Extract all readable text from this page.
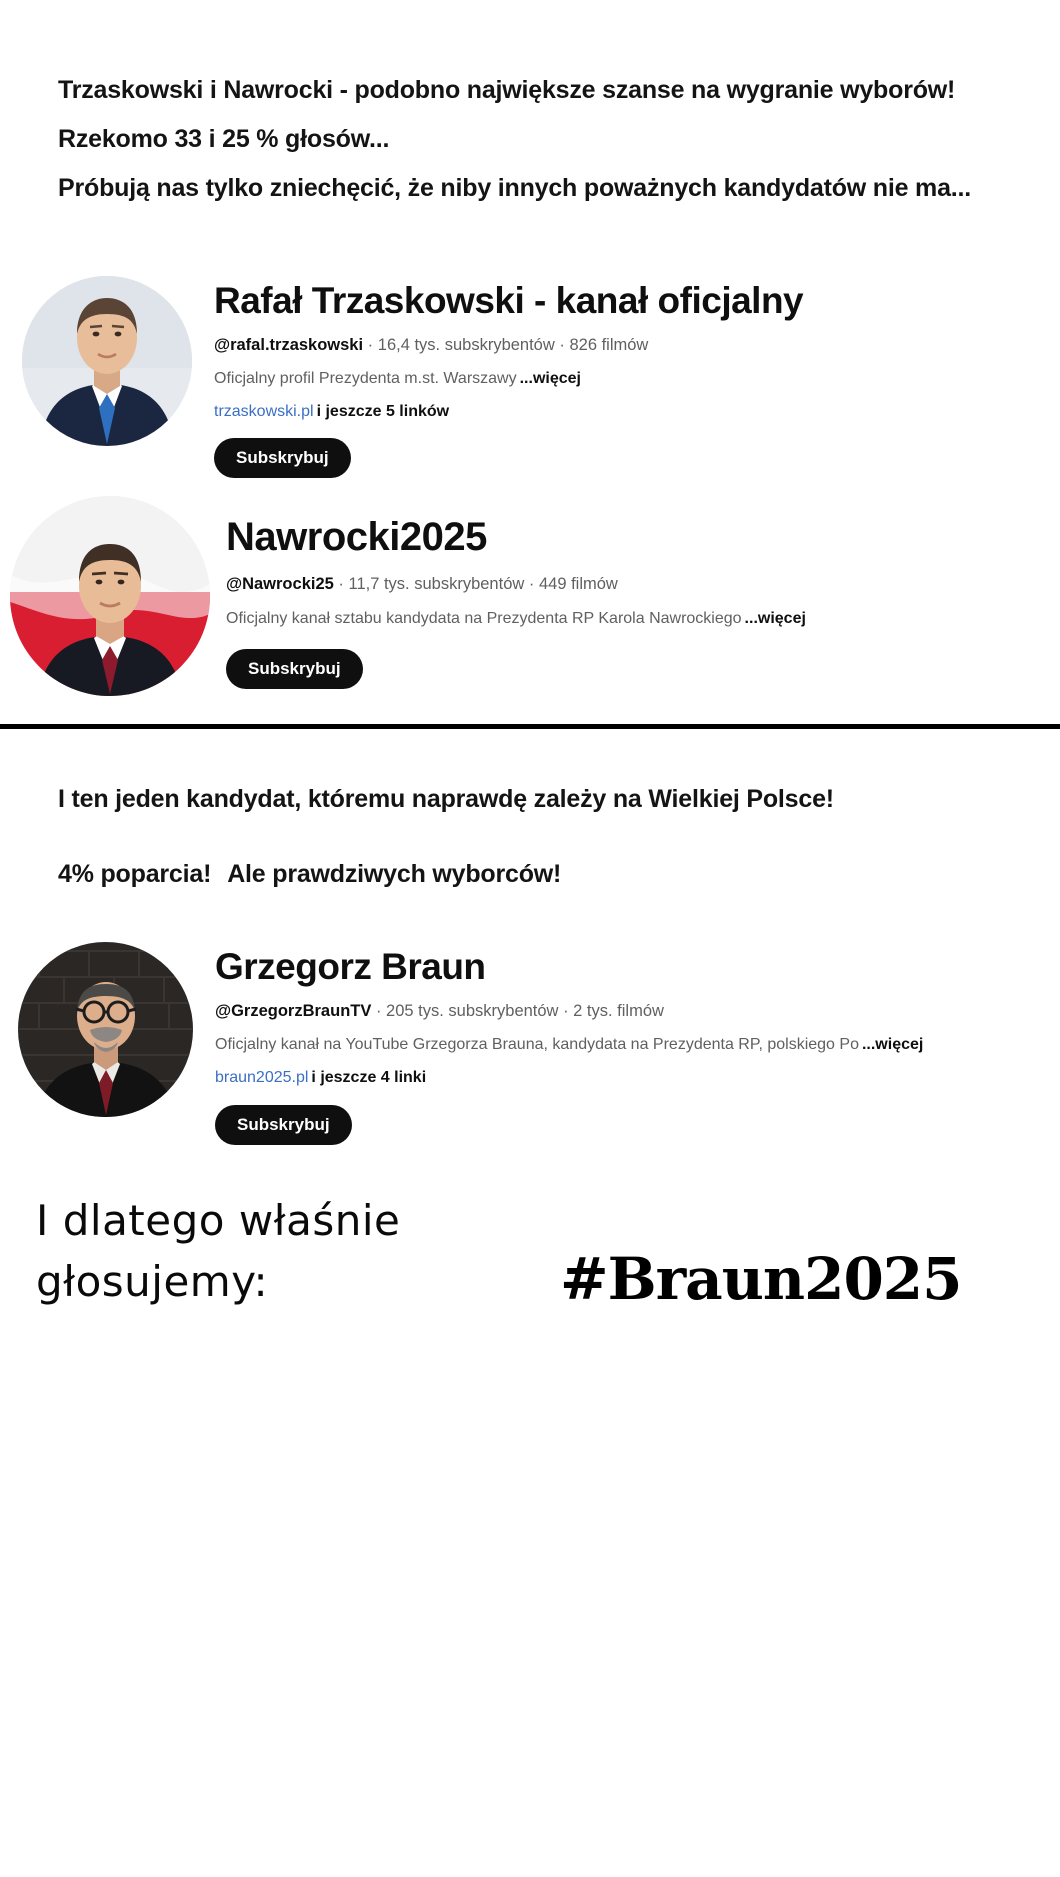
Trzaskowski i Nawrocki - podobno największe szanse na wygranie wyborów!
Rzekomo 33 i 25 % głosów...
Próbują nas tylko zniechęcić, że niby innych poważnych kandydatów nie ma...
Rafał Trzaskowski - kanał oficjalny
@rafal.trzaskowski · 16,4 tys. subskrybentów · 826 filmów
Oficjalny profil Prezydenta m.st. Warszawy ...więcej
trzaskowski.pl i jeszcze 5 linków
Subskrybuj
Nawrocki2025
@Nawrocki25 · 11,7 tys. subskrybentów · 449 filmów
Oficjalny kanał sztabu kandydata na Prezydenta RP Karola Nawrockiego ...więcej
Subskrybuj
I ten jeden kandydat, któremu naprawdę zależy na Wielkiej Polsce!
4% poparcia! Ale prawdziwych wyborców!
Grzegorz Braun
@GrzegorzBraunTV · 205 tys. subskrybentów · 2 tys. filmów
Oficjalny kanał na YouTube Grzegorza Brauna, kandydata na Prezydenta RP, polskiego Po ...więcej
braun2025.pl i jeszcze 4 linki
Subskrybuj
I dlatego właśnie
głosujemy:	#Braun2025
